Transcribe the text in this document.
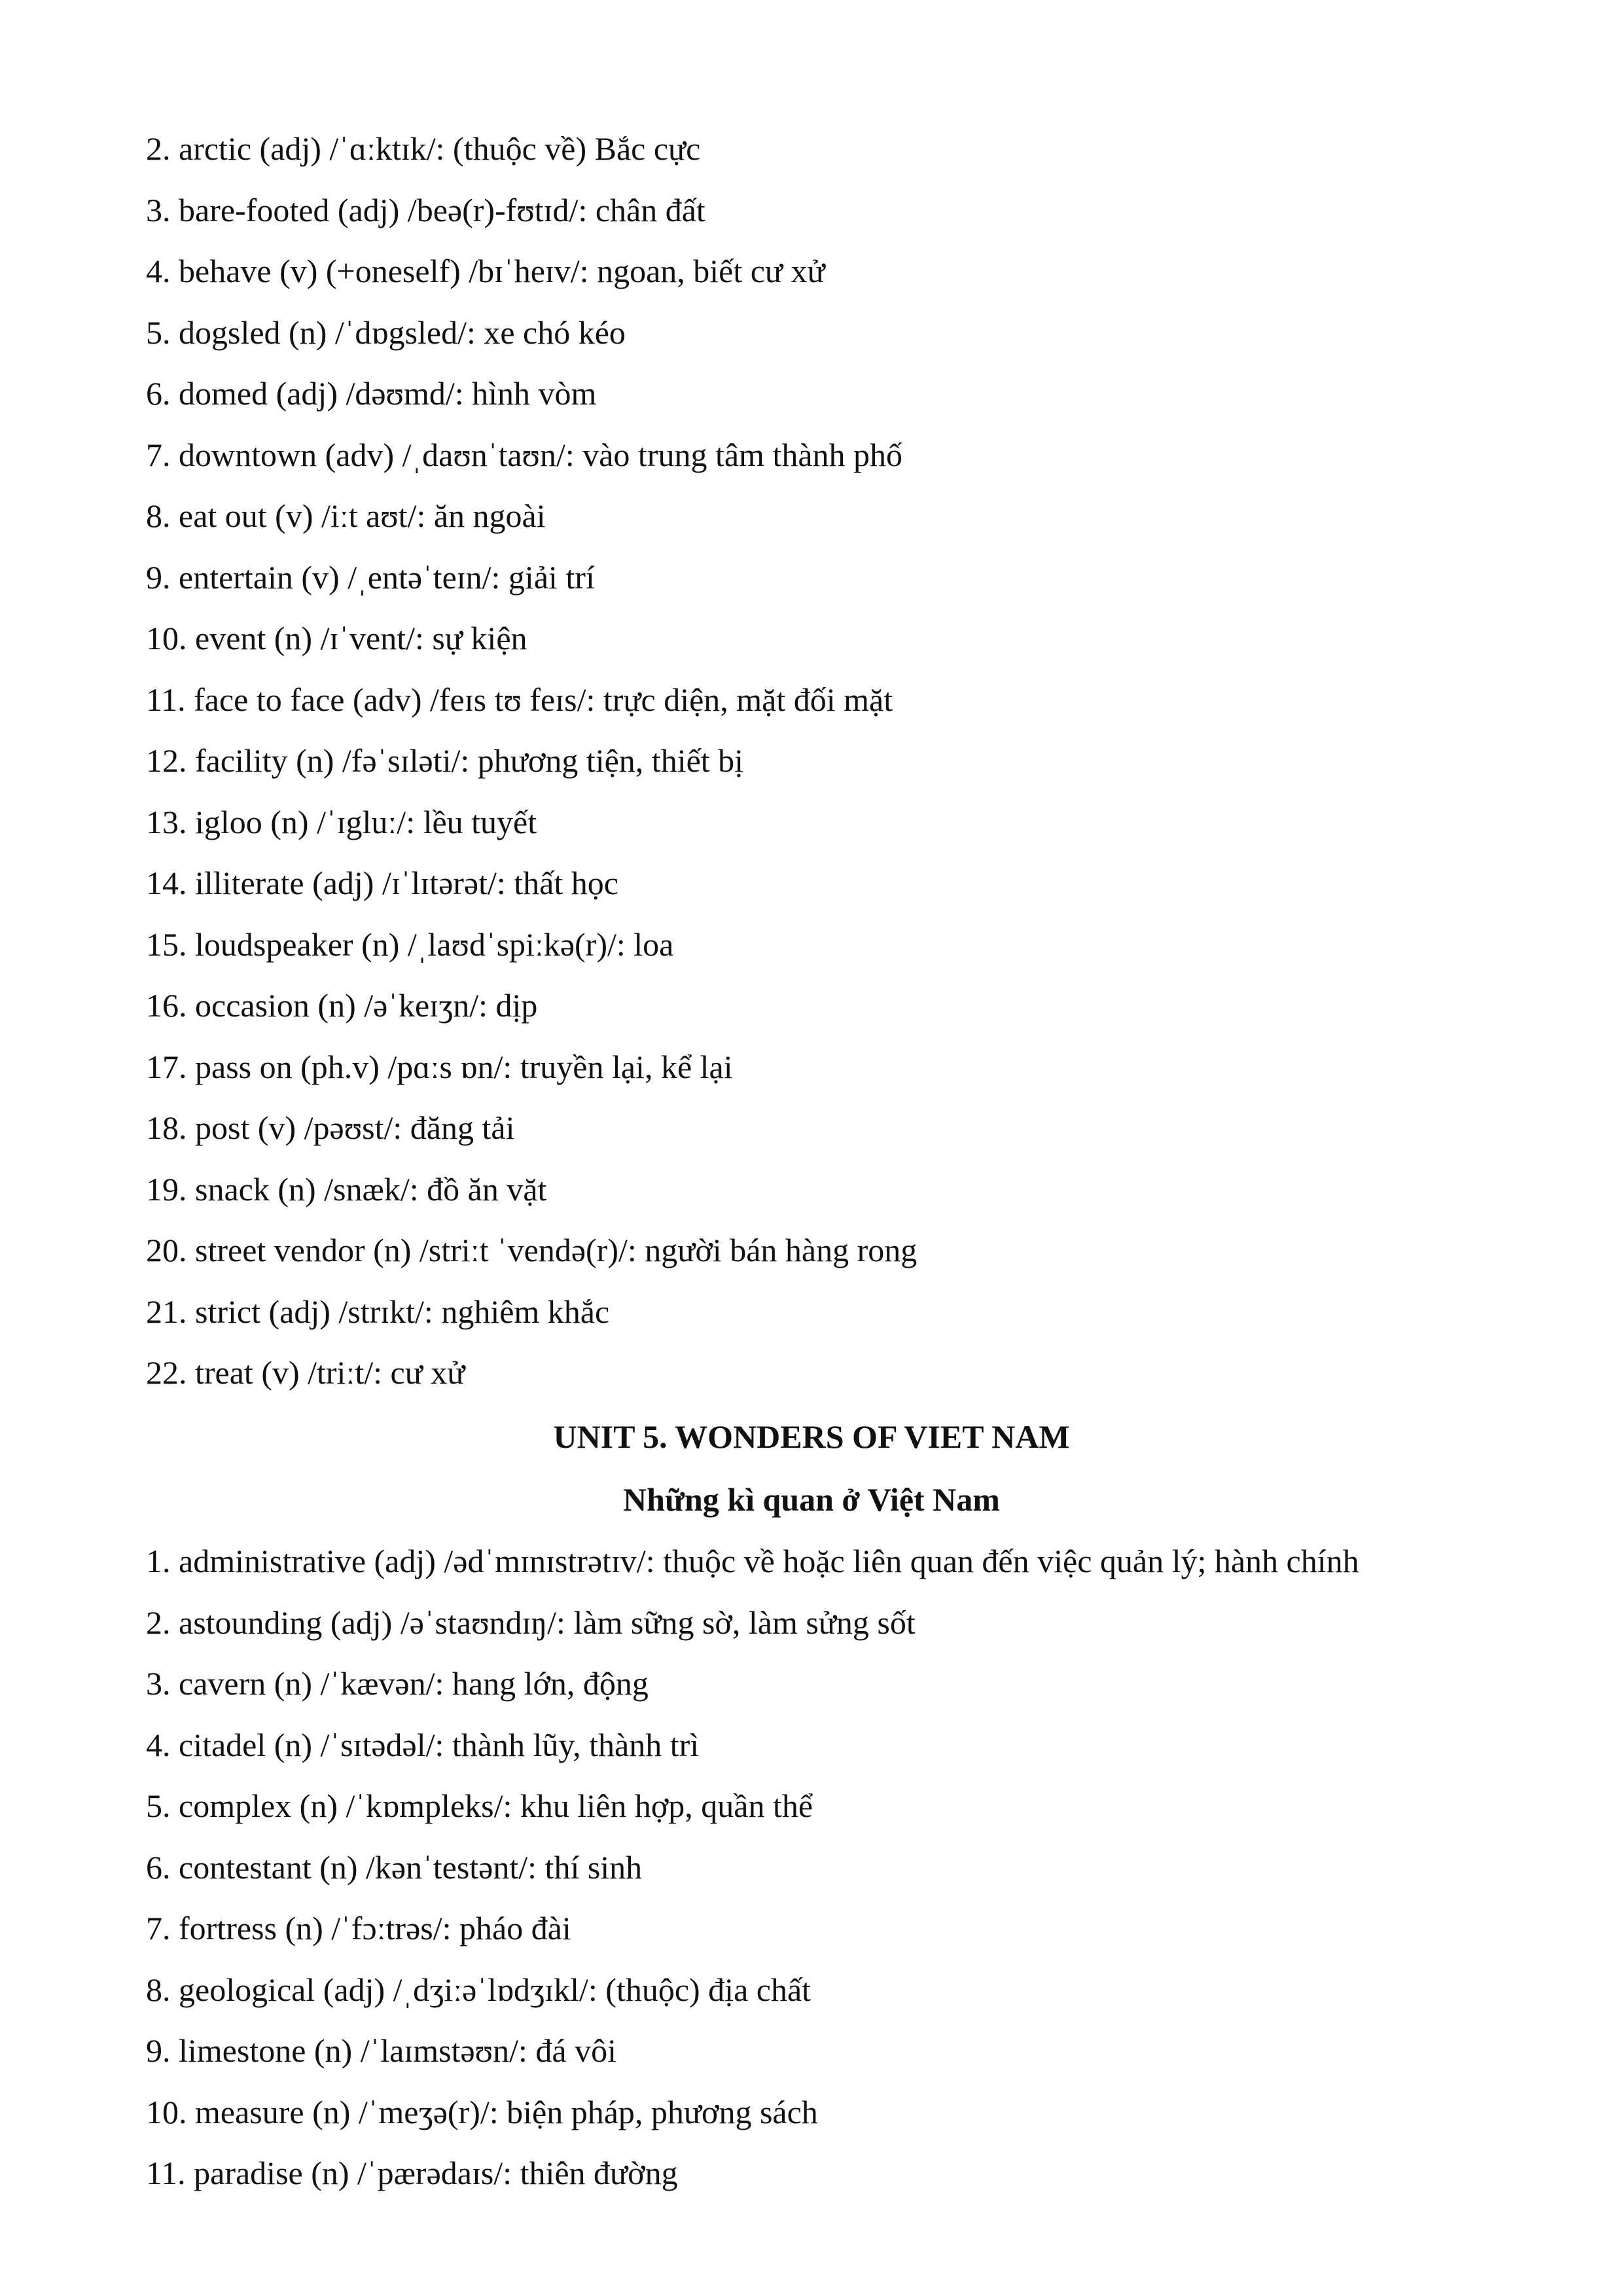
2. arctic (adj) /ˈɑːktɪk/: (thuộc về) Bắc cực
3. bare-footed (adj) /beə(r)-fʊtɪd/: chân đất
4. behave (v) (+oneself) /bɪˈheɪv/: ngoan, biết cư xử
5. dogsled (n) /ˈdɒgsled/: xe chó kéo
6. domed (adj) /dəʊmd/: hình vòm
7. downtown (adv) /ˌdaʊnˈtaʊn/: vào trung tâm thành phố
8. eat out (v) /iːt aʊt/: ăn ngoài
9. entertain (v) /ˌentəˈteɪn/: giải trí
10. event (n) /ɪˈvent/: sự kiện
11. face to face (adv) /feɪs tʊ feɪs/: trực diện, mặt đối mặt
12. facility (n) /fəˈsɪləti/: phương tiện, thiết bị
13. igloo (n) /ˈɪgluː/: lều tuyết
14. illiterate (adj) /ɪˈlɪtərət/: thất học
15. loudspeaker (n) /ˌlaʊdˈspiːkə(r)/: loa
16. occasion (n) /əˈkeɪʒn/: dịp
17. pass on (ph.v) /pɑːs ɒn/: truyền lại, kể lại
18. post (v) /pəʊst/: đăng tải
19. snack (n) /snæk/: đồ ăn vặt
20. street vendor (n) /striːt ˈvendə(r)/: người bán hàng rong
21. strict (adj) /strɪkt/: nghiêm khắc
22. treat (v) /triːt/: cư xử
UNIT 5. WONDERS OF VIET NAM
Những kì quan ở Việt Nam
1. administrative (adj) /ədˈmɪnɪstrətɪv/: thuộc về hoặc liên quan đến việc quản lý; hành chính
2. astounding (adj) /əˈstaʊndɪŋ/: làm sững sờ, làm sửng sốt
3. cavern (n) /ˈkævən/: hang lớn, động
4. citadel (n) /ˈsɪtədəl/: thành lũy, thành trì
5. complex (n) /ˈkɒmpleks/: khu liên hợp, quần thể
6. contestant (n) /kənˈtestənt/: thí sinh
7. fortress (n) /ˈfɔːtrəs/: pháo đài
8. geological (adj) /ˌdʒiːəˈlɒdʒɪkl/: (thuộc) địa chất
9. limestone (n) /ˈlaɪmstəʊn/: đá vôi
10. measure (n) /ˈmeʒə(r)/: biện pháp, phương sách
11. paradise (n) /ˈpærədaɪs/: thiên đường
